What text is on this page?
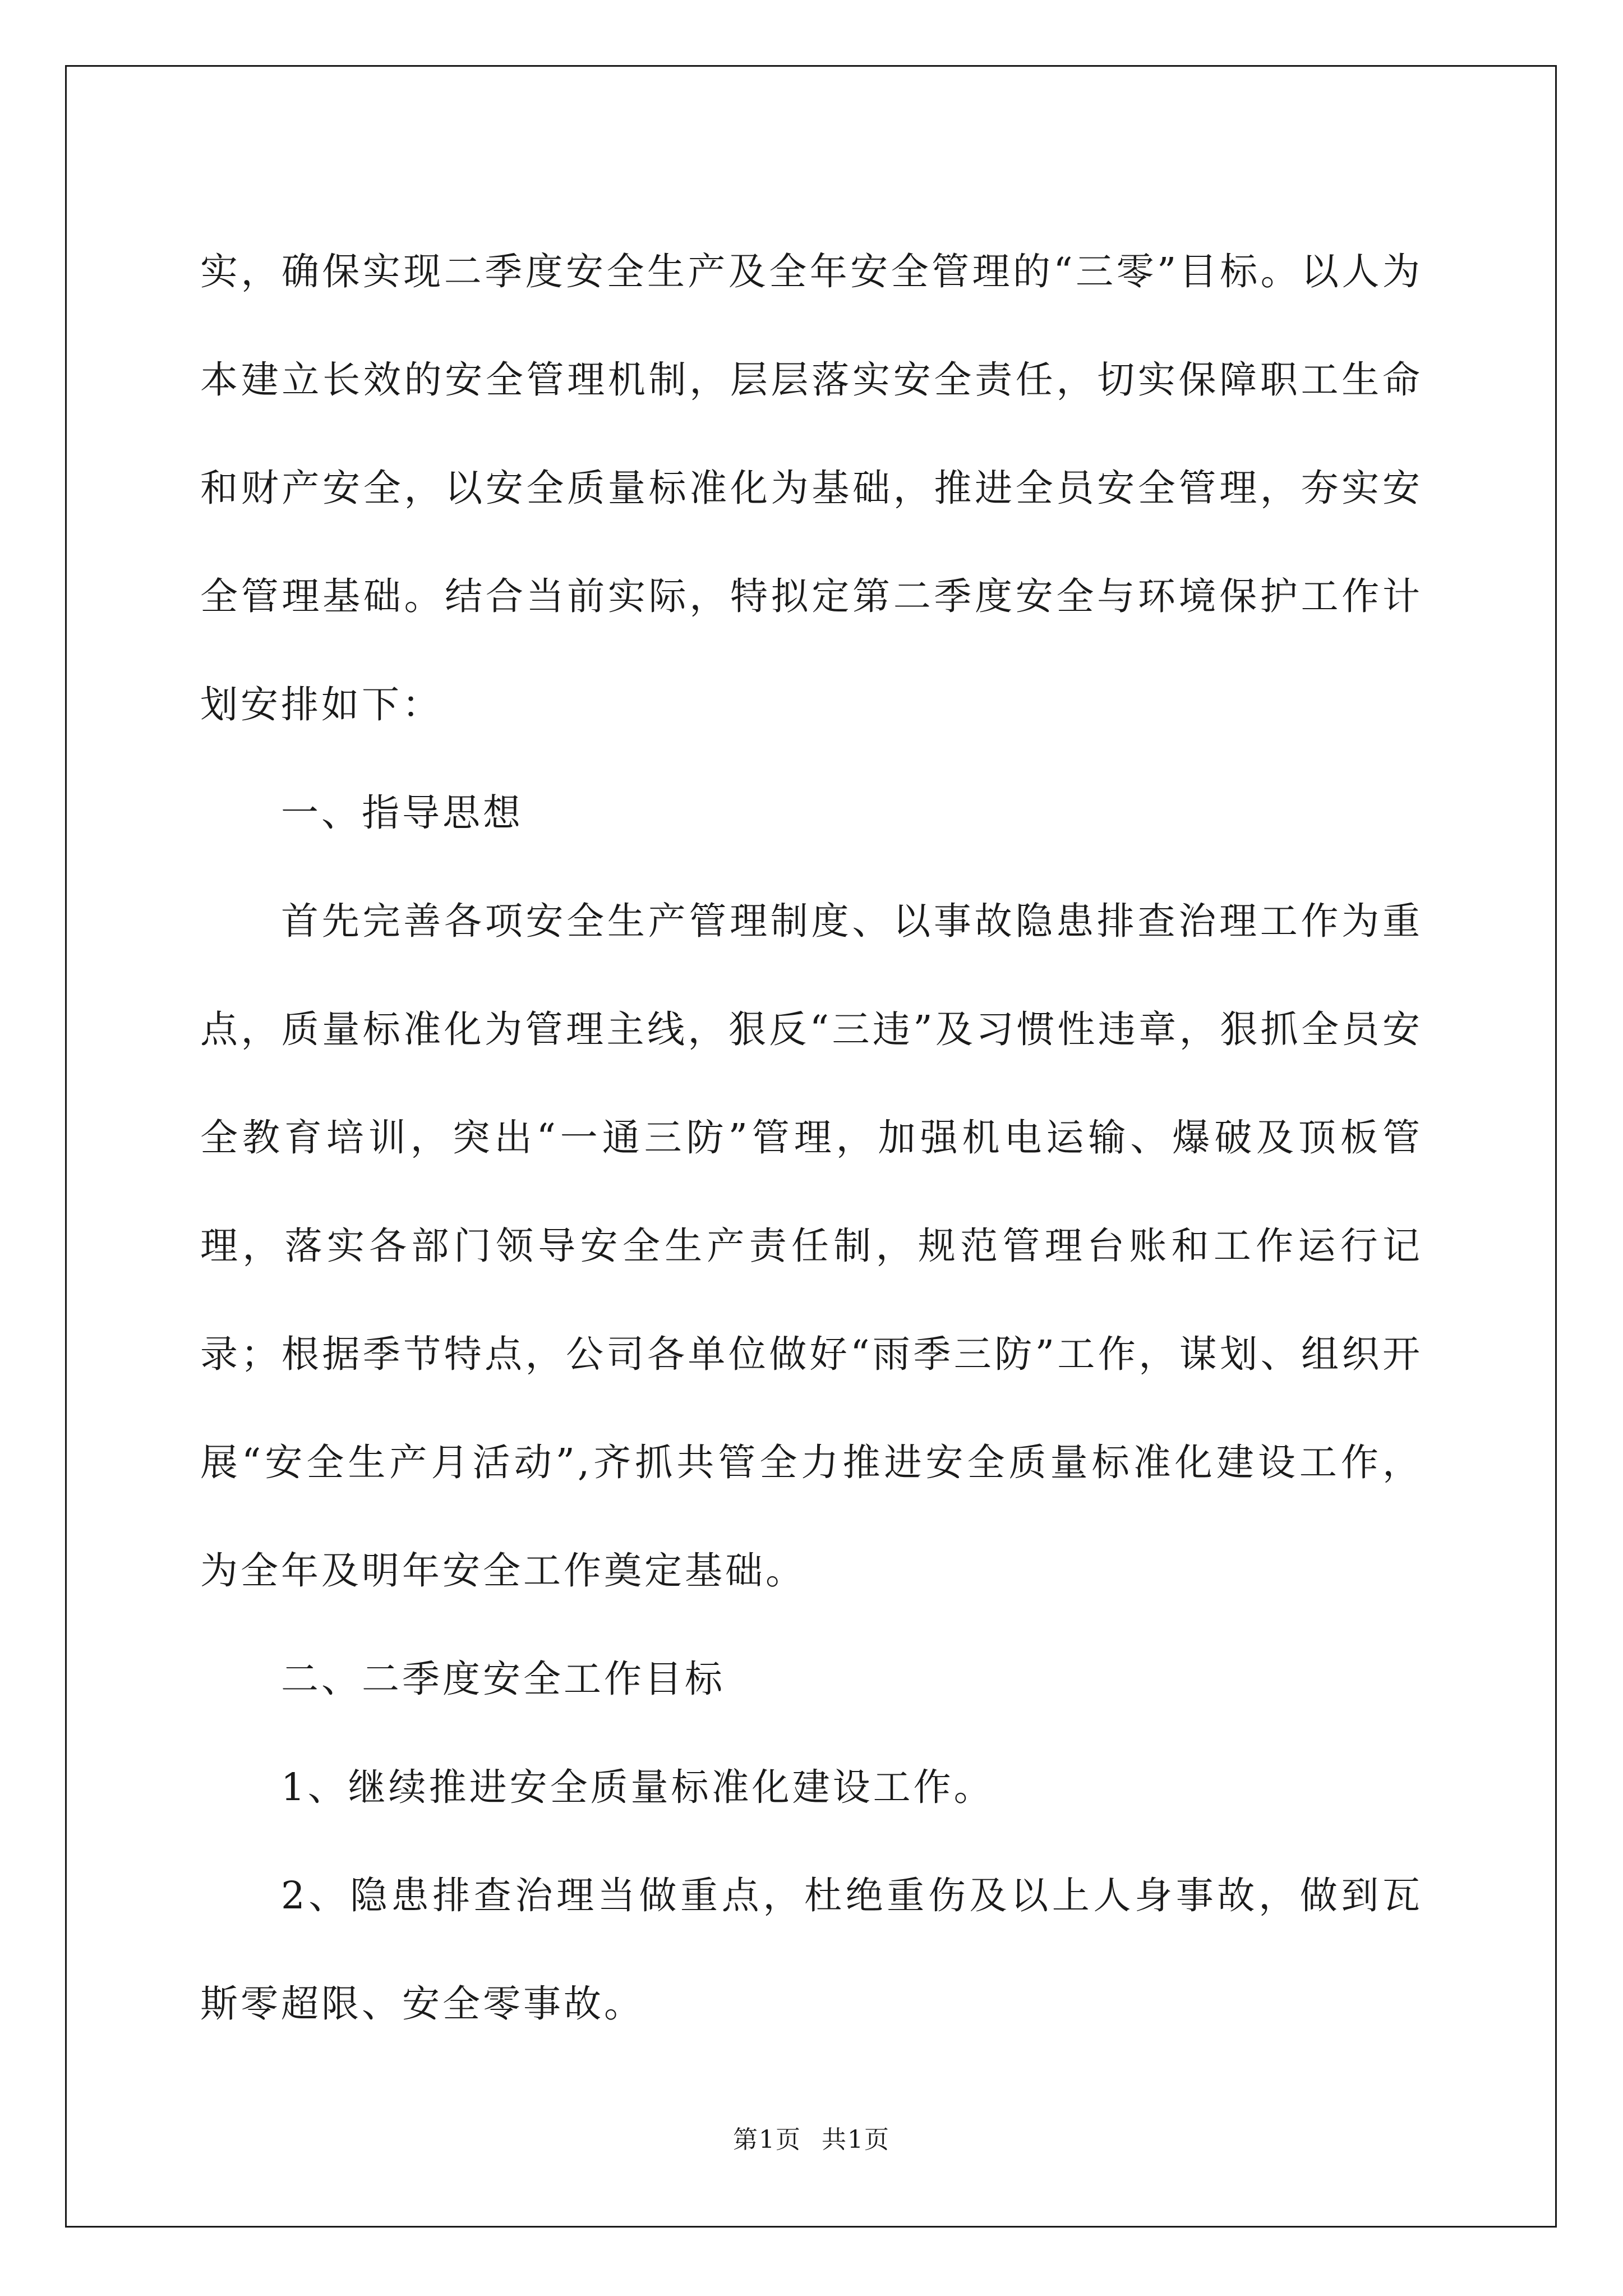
实，确保实现二季度安全生产及全年安全管理的“三零”目标。以人为本建立长效的安全管理机制，层层落实安全责任，切实保障职工生命和财产安全，以安全质量标准化为基础，推进全员安全管理，夯实安全管理基础。结合当前实际，特拟定第二季度安全与环境保护工作计划安排如下：

一、指导思想

首先完善各项安全生产管理制度、以事故隐患排查治理工作为重点，质量标准化为管理主线，狠反“三违”及习惯性违章，狠抓全员安全教育培训，突出“一通三防”管理，加强机电运输、爆破及顶板管理，落实各部门领导安全生产责任制，规范管理台账和工作运行记录；根据季节特点，公司各单位做好“雨季三防”工作，谋划、组织开展“安全生产月活动”,齐抓共管全力推进安全质量标准化建设工作，为全年及明年安全工作奠定基础。

二、二季度安全工作目标

1、继续推进安全质量标准化建设工作。

2、隐患排查治理当做重点，杜绝重伤及以上人身事故，做到瓦斯零超限、安全零事故。

第1页 共1页
